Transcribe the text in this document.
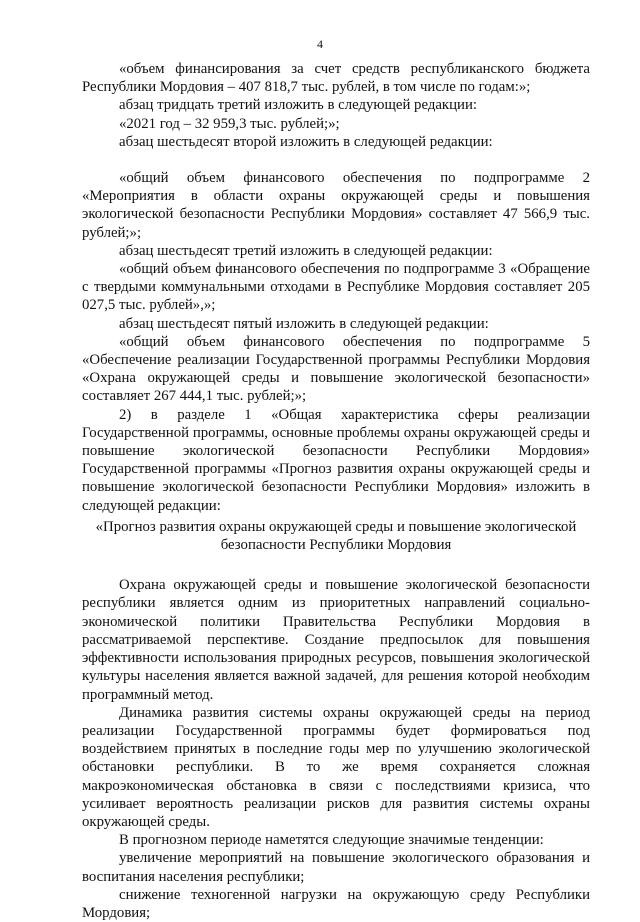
4

«объем финансирования за счет средств республиканского бюджета Республики Мордовия – 407 818,7 тыс. рублей, в том числе по годам:»;

абзац тридцать третий изложить в следующей редакции:

«2021 год – 32 959,3 тыс. рублей;»;

абзац шестьдесят второй изложить в следующей редакции:

«общий объем финансового обеспечения по подпрограмме 2 «Мероприятия в области охраны окружающей среды и повышения экологической безопасности Республики Мордовия» составляет 47 566,9 тыс. рублей;»;

абзац шестьдесят третий изложить в следующей редакции:

«общий объем финансового обеспечения по подпрограмме 3 «Обращение с твердыми коммунальными отходами в Республике Мордовия составляет 205 027,5 тыс. рублей»,»;

абзац шестьдесят пятый изложить в следующей редакции:

«общий объем финансового обеспечения по подпрограмме 5 «Обеспечение реализации Государственной программы Республики Мордовия «Охрана окружающей среды и повышение экологической безопасности» составляет 267 444,1 тыс. рублей;»;

2) в разделе 1 «Общая характеристика сферы реализации Государственной программы, основные проблемы охраны окружающей среды и повышение экологической безопасности Республики Мордовия» Государственной программы «Прогноз развития охраны окружающей среды и повышение экологической безопасности Республики Мордовия» изложить в следующей редакции:

«Прогноз развития охраны окружающей среды и повышение экологической безопасности Республики Мордовия

Охрана окружающей среды и повышение экологической безопасности республики является одним из приоритетных направлений социально-экономической политики Правительства Республики Мордовия в рассматриваемой перспективе. Создание предпосылок для повышения эффективности использования природных ресурсов, повышения экологической культуры населения является важной задачей, для решения которой необходим программный метод.

Динамика развития системы охраны окружающей среды на период реализации Государственной программы будет формироваться под воздействием принятых в последние годы мер по улучшению экологической обстановки республики. В то же время сохраняется сложная макроэкономическая обстановка в связи с последствиями кризиса, что усиливает вероятность реализации рисков для развития системы охраны окружающей среды.

В прогнозном периоде наметятся следующие значимые тенденции:

увеличение мероприятий на повышение экологического образования и воспитания населения республики;

снижение техногенной нагрузки на окружающую среду Республики Мордовия;
